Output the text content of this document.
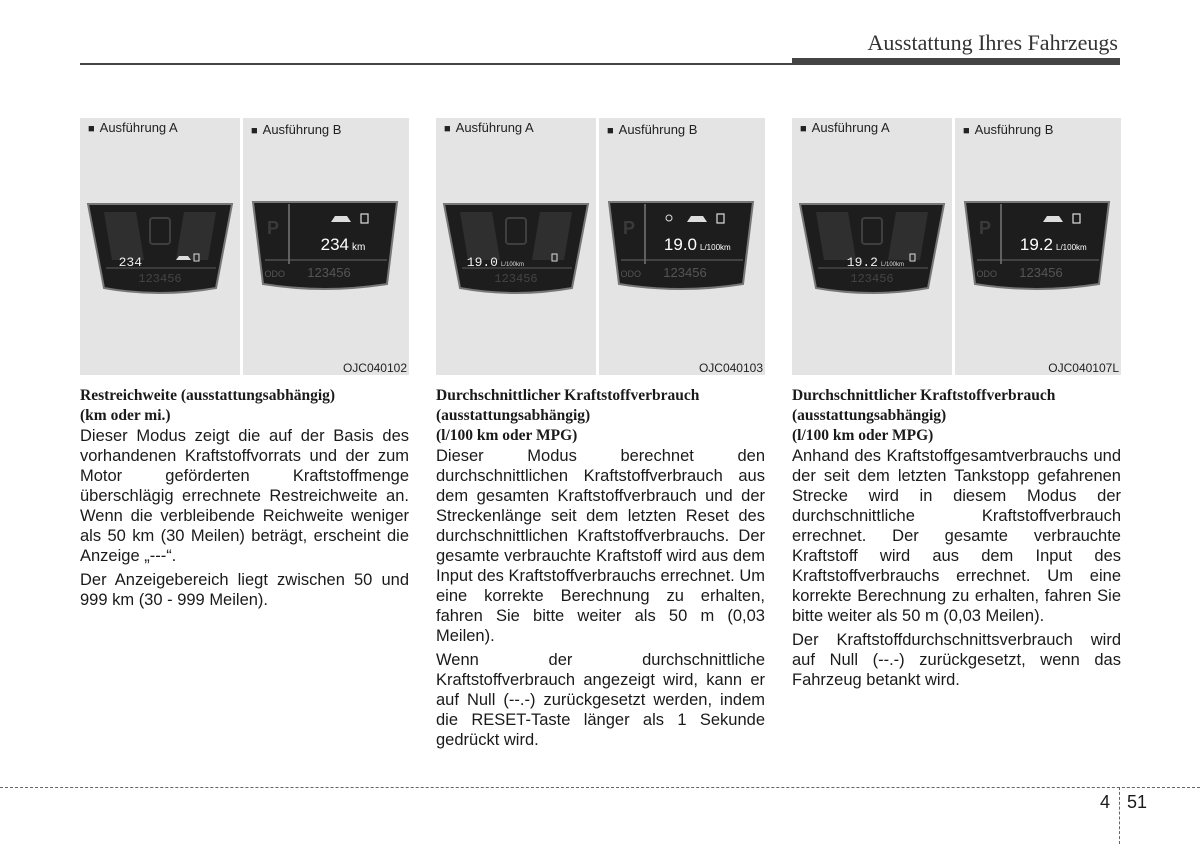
Ausstattung Ihres Fahrzeugs
■ Ausführung A
234
123456
■ Ausführung B
P
234 km
ODO 123456
OJC040102
Restreichweite (ausstattungsabhängig)
(km oder mi.)

Dieser Modus zeigt die auf der Basis des vorhandenen Kraftstoffvorrats und der zum Motor geförderten Kraftstoffmenge überschlägig errechnete Restreichweite an. Wenn die verbleibende Reichweite weniger als 50 km (30 Meilen) beträgt, erscheint die Anzeige „---“.

Der Anzeigebereich liegt zwischen 50 und 999 km (30 - 999 Meilen).

■ Ausführung A
19.0 L/100km
123456
■ Ausführung B
P
19.0 L/100km
ODO 123456
OJC040103
Durchschnittlicher Kraftstoffverbrauch
(ausstattungsabhängig)
(l/100 km oder MPG)

Dieser Modus berechnet den durchschnittlichen Kraftstoffverbrauch aus dem gesamten Kraftstoffverbrauch und der Streckenlänge seit dem letzten Reset des durchschnittlichen Kraftstoffverbrauchs. Der gesamte verbrauchte Kraftstoff wird aus dem Input des Kraftstoffverbrauchs errechnet. Um eine korrekte Berechnung zu erhalten, fahren Sie bitte weiter als 50 m (0,03 Meilen).

Wenn der durchschnittliche Kraftstoffverbrauch angezeigt wird, kann er auf Null (--.-) zurückgesetzt werden, indem die RESET-Taste länger als 1 Sekunde gedrückt wird.

■ Ausführung A
19.2 L/100km
123456
■ Ausführung B
P
19.2 L/100km
ODO 123456
OJC040107L
Durchschnittlicher Kraftstoffverbrauch
(ausstattungsabhängig)
(l/100 km oder MPG)

Anhand des Kraftstoffgesamtverbrauchs und der seit dem letzten Tankstopp gefahrenen Strecke wird in diesem Modus der durchschnittliche Kraftstoffverbrauch errechnet. Der gesamte verbrauchte Kraftstoff wird aus dem Input des Kraftstoffverbrauchs errechnet. Um eine korrekte Berechnung zu erhalten, fahren Sie bitte weiter als 50 m (0,03 Meilen).

Der Kraftstoffdurchschnittsverbrauch wird auf Null (--.-) zurückgesetzt, wenn das Fahrzeug betankt wird.

4 51
